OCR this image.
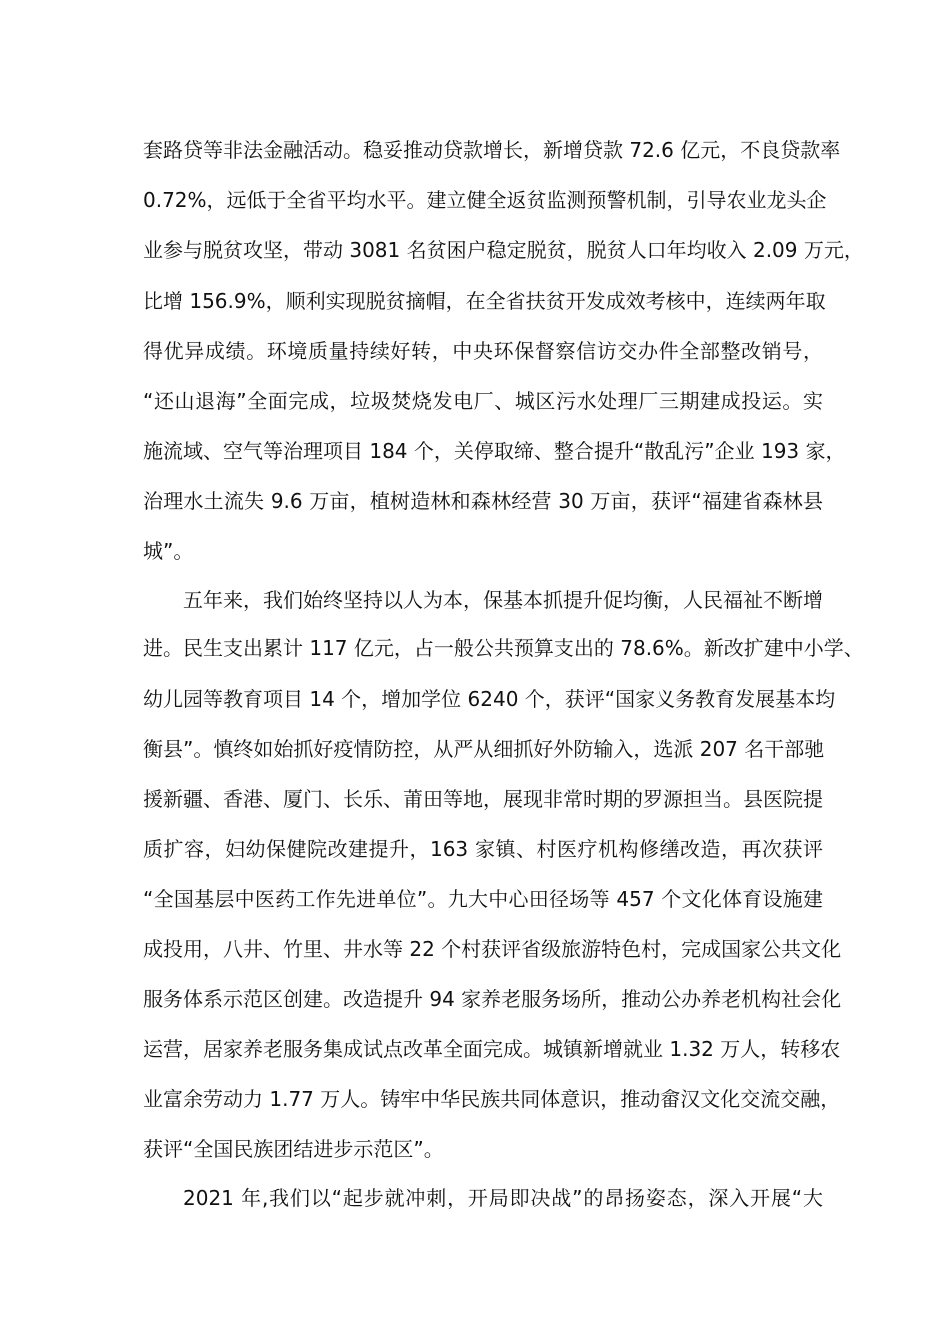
套路贷等非法金融活动。稳妥推动贷款增长，新增贷款 72.6 亿元，不良贷款率
0.72%，远低于全省平均水平。建立健全返贫监测预警机制，引导农业龙头企
业参与脱贫攻坚，带动 3081 名贫困户稳定脱贫，脱贫人口年均收入 2.09 万元，
比增 156.9%，顺利实现脱贫摘帽，在全省扶贫开发成效考核中，连续两年取
得优异成绩。环境质量持续好转，中央环保督察信访交办件全部整改销号，
“还山退海”全面完成，垃圾焚烧发电厂、城区污水处理厂三期建成投运。实
施流域、空气等治理项目 184 个，关停取缔、整合提升“散乱污”企业 193 家，
治理水土流失 9.6 万亩，植树造林和森林经营 30 万亩，获评“福建省森林县
城”。
五年来，我们始终坚持以人为本，保基本抓提升促均衡，人民福祉不断增
进。民生支出累计 117 亿元，占一般公共预算支出的 78.6%。新改扩建中小学、
幼儿园等教育项目 14 个，增加学位 6240 个，获评“国家义务教育发展基本均
衡县”。慎终如始抓好疫情防控，从严从细抓好外防输入，选派 207 名干部驰
援新疆、香港、厦门、长乐、莆田等地，展现非常时期的罗源担当。县医院提
质扩容，妇幼保健院改建提升，163 家镇、村医疗机构修缮改造，再次获评
“全国基层中医药工作先进单位”。九大中心田径场等 457 个文化体育设施建
成投用，八井、竹里、井水等 22 个村获评省级旅游特色村，完成国家公共文化
服务体系示范区创建。改造提升 94 家养老服务场所，推动公办养老机构社会化
运营，居家养老服务集成试点改革全面完成。城镇新增就业 1.32 万人，转移农
业富余劳动力 1.77 万人。铸牢中华民族共同体意识，推动畲汉文化交流交融，
获评“全国民族团结进步示范区”。
2021 年,我们以“起步就冲刺，开局即决战”的昂扬姿态，深入开展“大
